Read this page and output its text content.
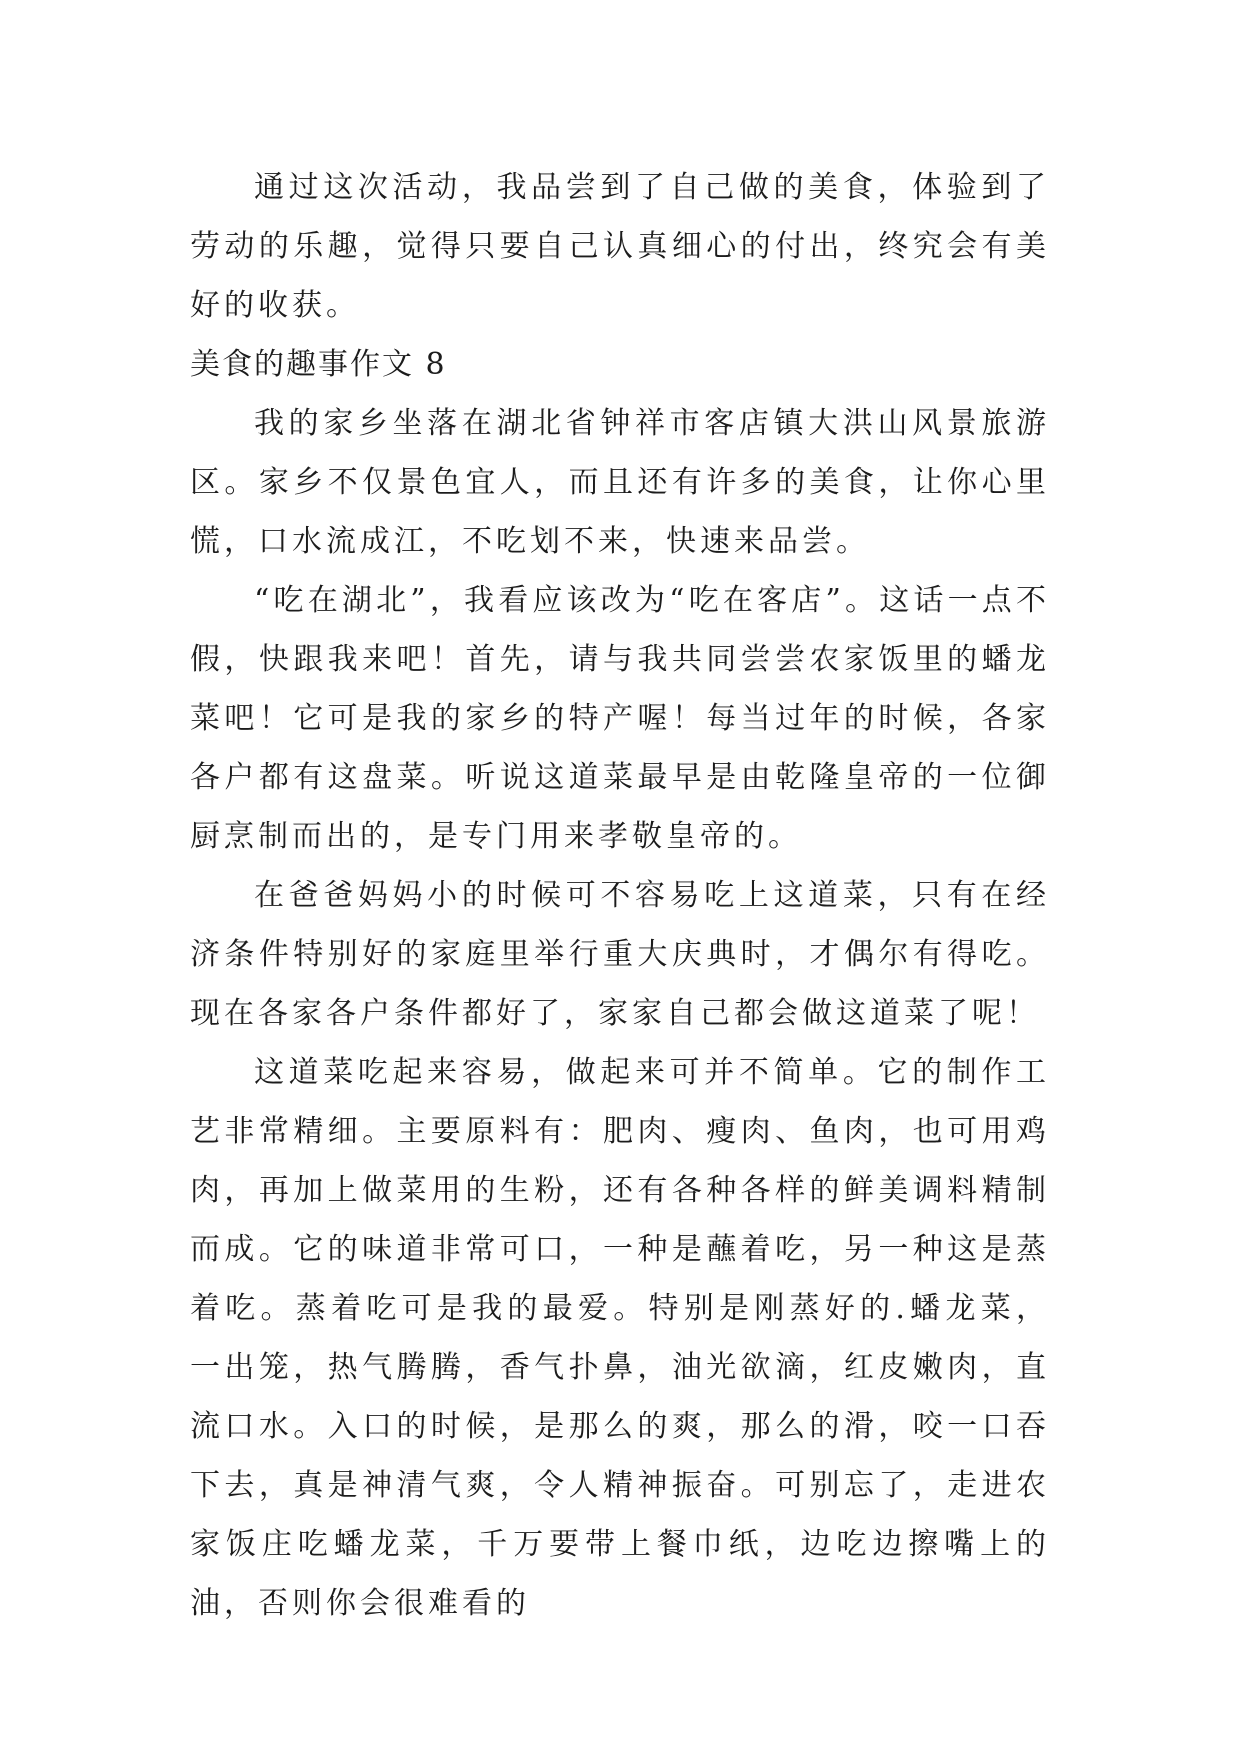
通过这次活动，我品尝到了自己做的美食，体验到了劳动的乐趣，觉得只要自己认真细心的付出，终究会有美好的收获。

美食的趣事作文 8

我的家乡坐落在湖北省钟祥市客店镇大洪山风景旅游区。家乡不仅景色宜人，而且还有许多的美食，让你心里慌，口水流成江，不吃划不来，快速来品尝。

“吃在湖北”，我看应该改为“吃在客店”。这话一点不假，快跟我来吧！首先，请与我共同尝尝农家饭里的蟠龙菜吧！它可是我的家乡的特产喔！每当过年的时候，各家各户都有这盘菜。听说这道菜最早是由乾隆皇帝的一位御厨烹制而出的，是专门用来孝敬皇帝的。

在爸爸妈妈小的时候可不容易吃上这道菜，只有在经济条件特别好的家庭里举行重大庆典时，才偶尔有得吃。现在各家各户条件都好了，家家自己都会做这道菜了呢！

这道菜吃起来容易，做起来可并不简单。它的制作工艺非常精细。主要原料有：肥肉、瘦肉、鱼肉，也可用鸡肉，再加上做菜用的生粉，还有各种各样的鲜美调料精制而成。它的味道非常可口，一种是蘸着吃，另一种这是蒸着吃。蒸着吃可是我的最爱。特别是刚蒸好的.蟠龙菜，一出笼，热气腾腾，香气扑鼻，油光欲滴，红皮嫩肉，直流口水。入口的时候，是那么的爽，那么的滑，咬一口吞下去，真是神清气爽，令人精神振奋。可别忘了，走进农家饭庄吃蟠龙菜，千万要带上餐巾纸，边吃边擦嘴上的油，否则你会很难看的
